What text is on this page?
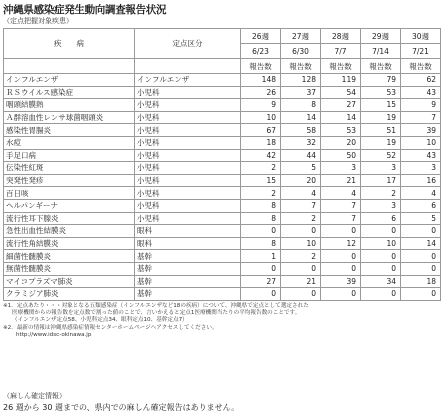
沖縄県感染症発生動向調査報告状況
（定点把握対象疾患）
疾　　病	定点区分	26週	27週	28週	29週	30週
		6/23	6/30	7/7	7/14	7/21
		報告数	報告数	報告数	報告数	報告数
インフルエンザ	インフルエンザ	148	128	119	79	62
ＲＳウイルス感染症	小児科	26	37	54	53	43
咽頭結膜熱	小児科	9	8	27	15	9
Ａ群溶血性レンサ球菌咽頭炎	小児科	10	14	14	19	7
感染性胃腸炎	小児科	67	58	53	51	39
水痘	小児科	18	32	20	19	10
手足口病	小児科	42	44	50	52	43
伝染性紅斑	小児科	2	5	3	3	3
突発性発疹	小児科	15	20	21	17	16
百日咳	小児科	2	4	4	2	4
ヘルパンギーナ	小児科	8	7	7	3	6
流行性耳下腺炎	小児科	8	2	7	6	5
急性出血性結膜炎	眼科	0	0	0	0	0
流行性角結膜炎	眼科	8	10	12	10	14
細菌性髄膜炎	基幹	1	2	0	0	0
無菌性髄膜炎	基幹	0	0	0	0	0
マイコプラズマ肺炎	基幹	27	21	39	34	18
クラミジア肺炎	基幹	0	0	0	0	0
※1．定点あたり・・・対象となる五類感染症（インフルエンザなど18の疾病）について、沖縄県で定点として選定された
医療機関からの報告数を定点数で割った値のことで、言いかえると定点1医療機関当たりの平均報告数のことです。
（インフルエンザ定点58、小児科定点34、眼科定点10、基幹定点7）
※2．最新の情報は沖縄県感染症情報センターホームページへアクセスしてください。
http://www.idsc-okinawa.jp
（麻しん確定情報）
26 週から 30 週までの、県内での麻しん確定報告はありません。
